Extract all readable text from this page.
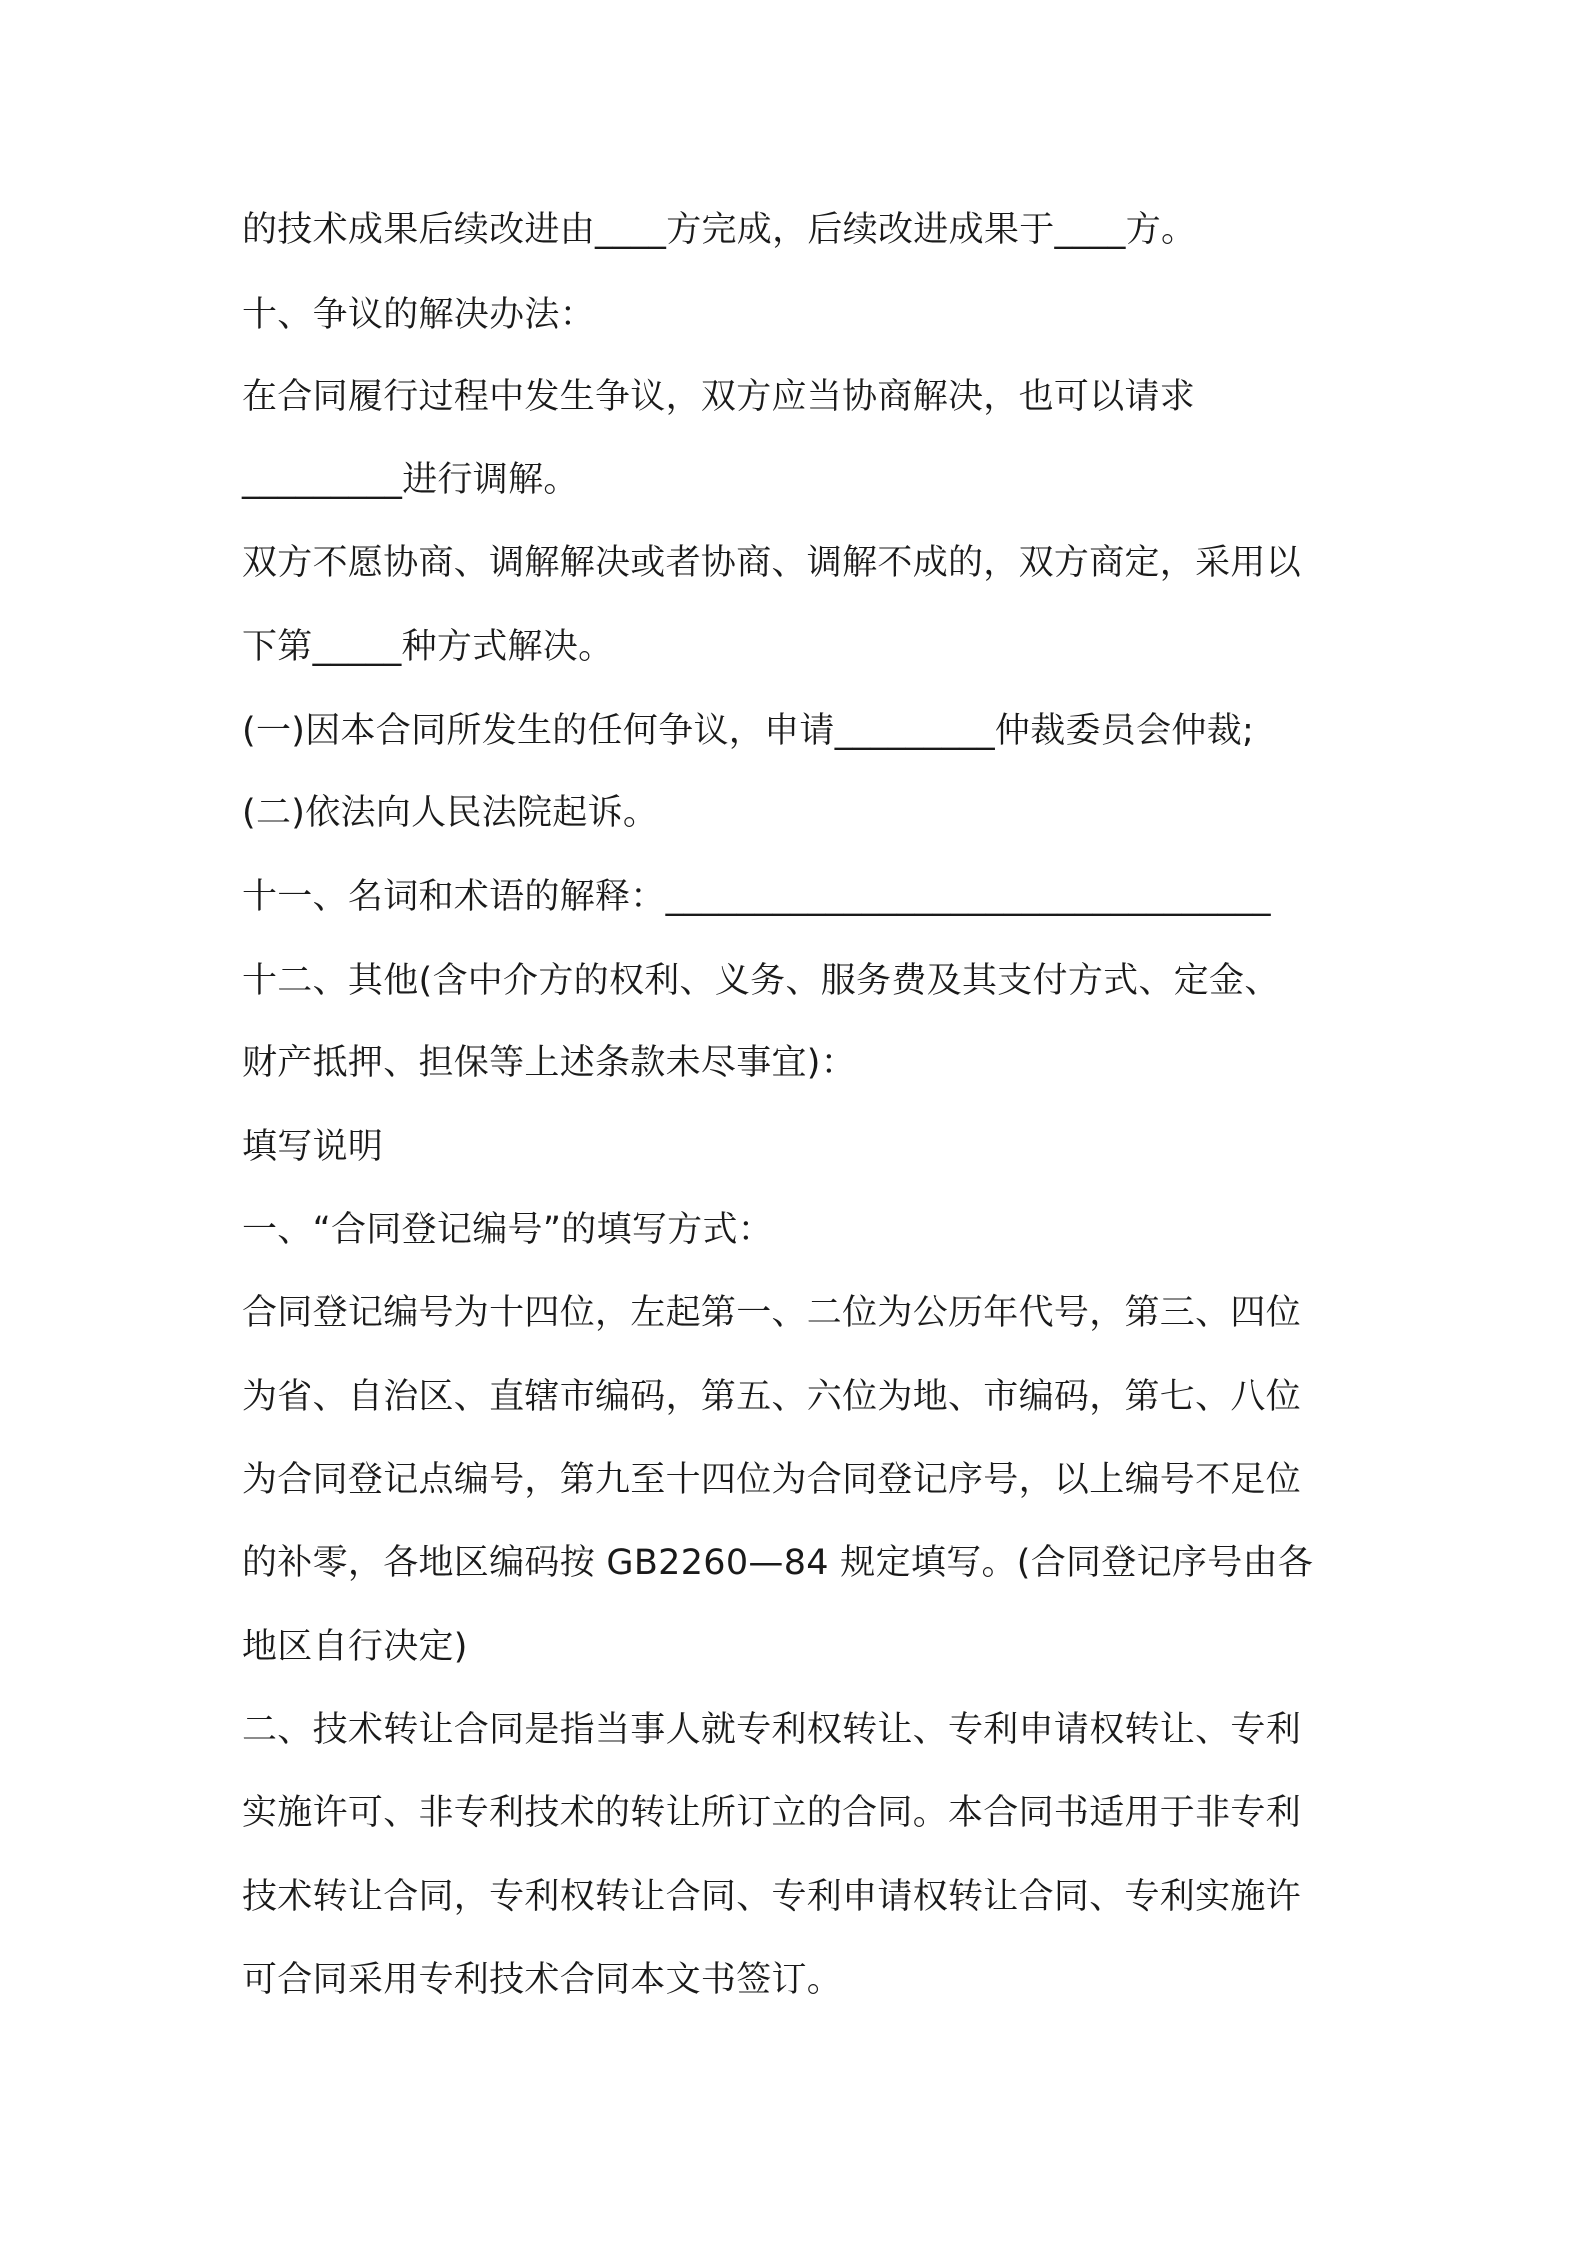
的技术成果后续改进由____方完成，后续改进成果于____方。

十、争议的解决办法：

在合同履行过程中发生争议，双方应当协商解决，也可以请求

_________进行调解。

双方不愿协商、调解解决或者协商、调解不成的，双方商定，采用以

下第_____种方式解决。

(一)因本合同所发生的任何争议，申请_________仲裁委员会仲裁;

(二)依法向人民法院起诉。

十一、名词和术语的解释：__________________________________

十二、其他(含中介方的权利、义务、服务费及其支付方式、定金、

财产抵押、担保等上述条款未尽事宜)：

填写说明

一、“合同登记编号”的填写方式：

合同登记编号为十四位，左起第一、二位为公历年代号，第三、四位

为省、自治区、直辖市编码，第五、六位为地、市编码，第七、八位

为合同登记点编号，第九至十四位为合同登记序号，以上编号不足位

的补零，各地区编码按 GB2260—84 规定填写。(合同登记序号由各

地区自行决定)

二、技术转让合同是指当事人就专利权转让、专利申请权转让、专利

实施许可、非专利技术的转让所订立的合同。本合同书适用于非专利

技术转让合同，专利权转让合同、专利申请权转让合同、专利实施许

可合同采用专利技术合同本文书签订。
